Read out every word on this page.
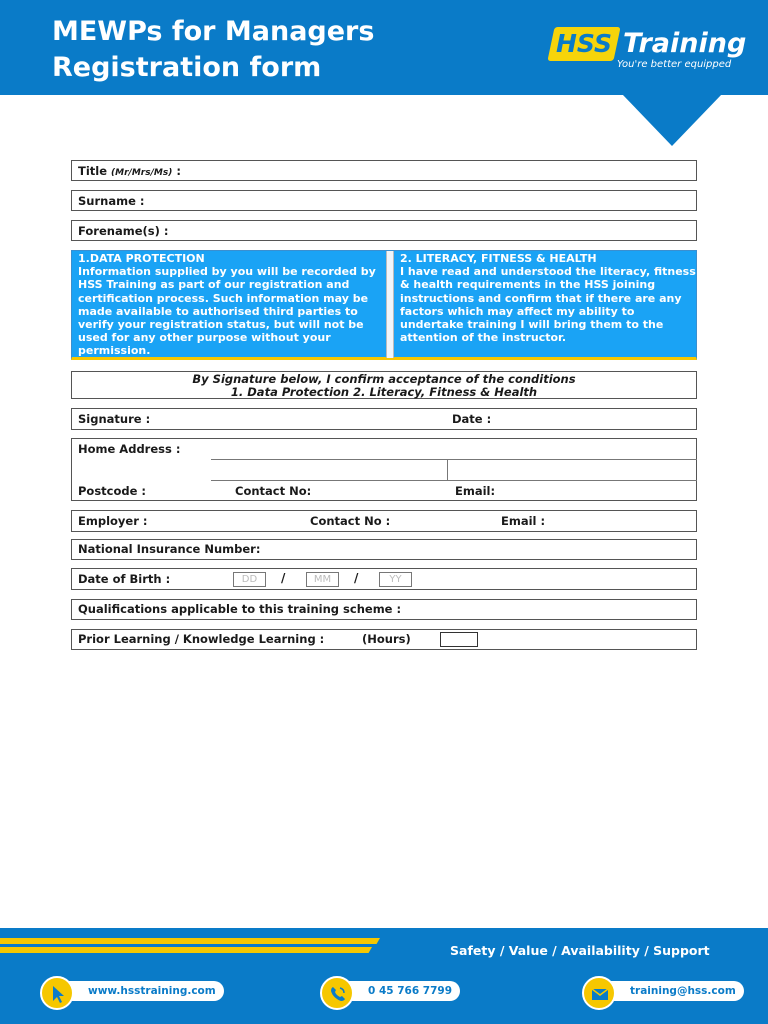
MEWPs for Managers
Registration form
HSS Training
You're better equipped
Title (Mr/Mrs/Ms) :
Surname :
Forename(s) :
1.DATA PROTECTION
Information supplied by you will be recorded by HSS Training as part of our registration and certification process. Such information may be made available to authorised third parties to verify your registration status, but will not be used for any other purpose without your permission.
2. LITERACY, FITNESS & HEALTH
I have read and understood the literacy, fitness & health requirements in the HSS joining instructions and confirm that if there are any factors which may affect my ability to undertake training I will bring them to the attention of the instructor.
By Signature below, I confirm acceptance of the conditions
1. Data Protection 2. Literacy, Fitness & Health
Signature :	Date :
Home Address :
Postcode :	Contact No:	Email:
Employer :	Contact No :	Email :
National Insurance Number:
Date of Birth :	DD	/	MM	/	YY
Qualifications applicable to this training scheme :
Prior Learning / Knowledge Learning :	(Hours)
Safety / Value / Availability / Support
www.hsstraining.com	0 45 766 7799	training@hss.com
